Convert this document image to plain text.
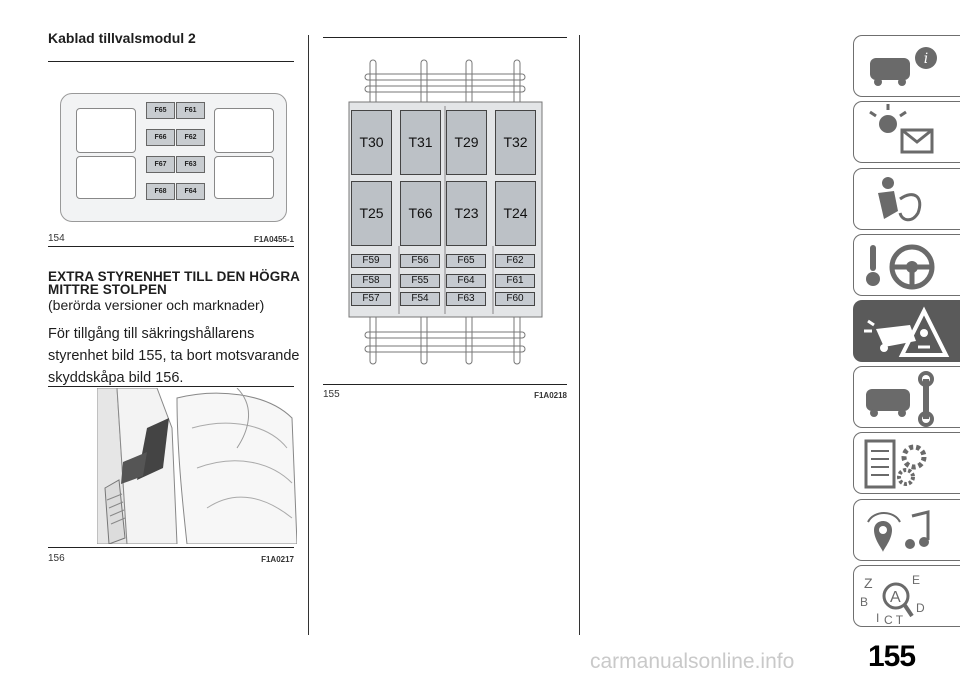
Kablad tillvalsmodul 2
F65	F61
F66	F62
F67	F63
F68	F64
154	F1A0455-1
EXTRA STYRENHET TILL DEN HÖGRA MITTRE STOLPEN
(berörda versioner och marknader)
För tillgång till säkringshållarens styrenhet bild 155, ta bort motsvarande skyddskåpa bild 156.
156	F1A0217
T30	T31	T29	T32
T25	T66	T23	T24
F59	F56	F65	F62
F58	F55	F64	F61
F57	F54	F63	F60
155	F1A0218
i
Z	E
B	D
A
I C T
155
carmanualsonline.info
